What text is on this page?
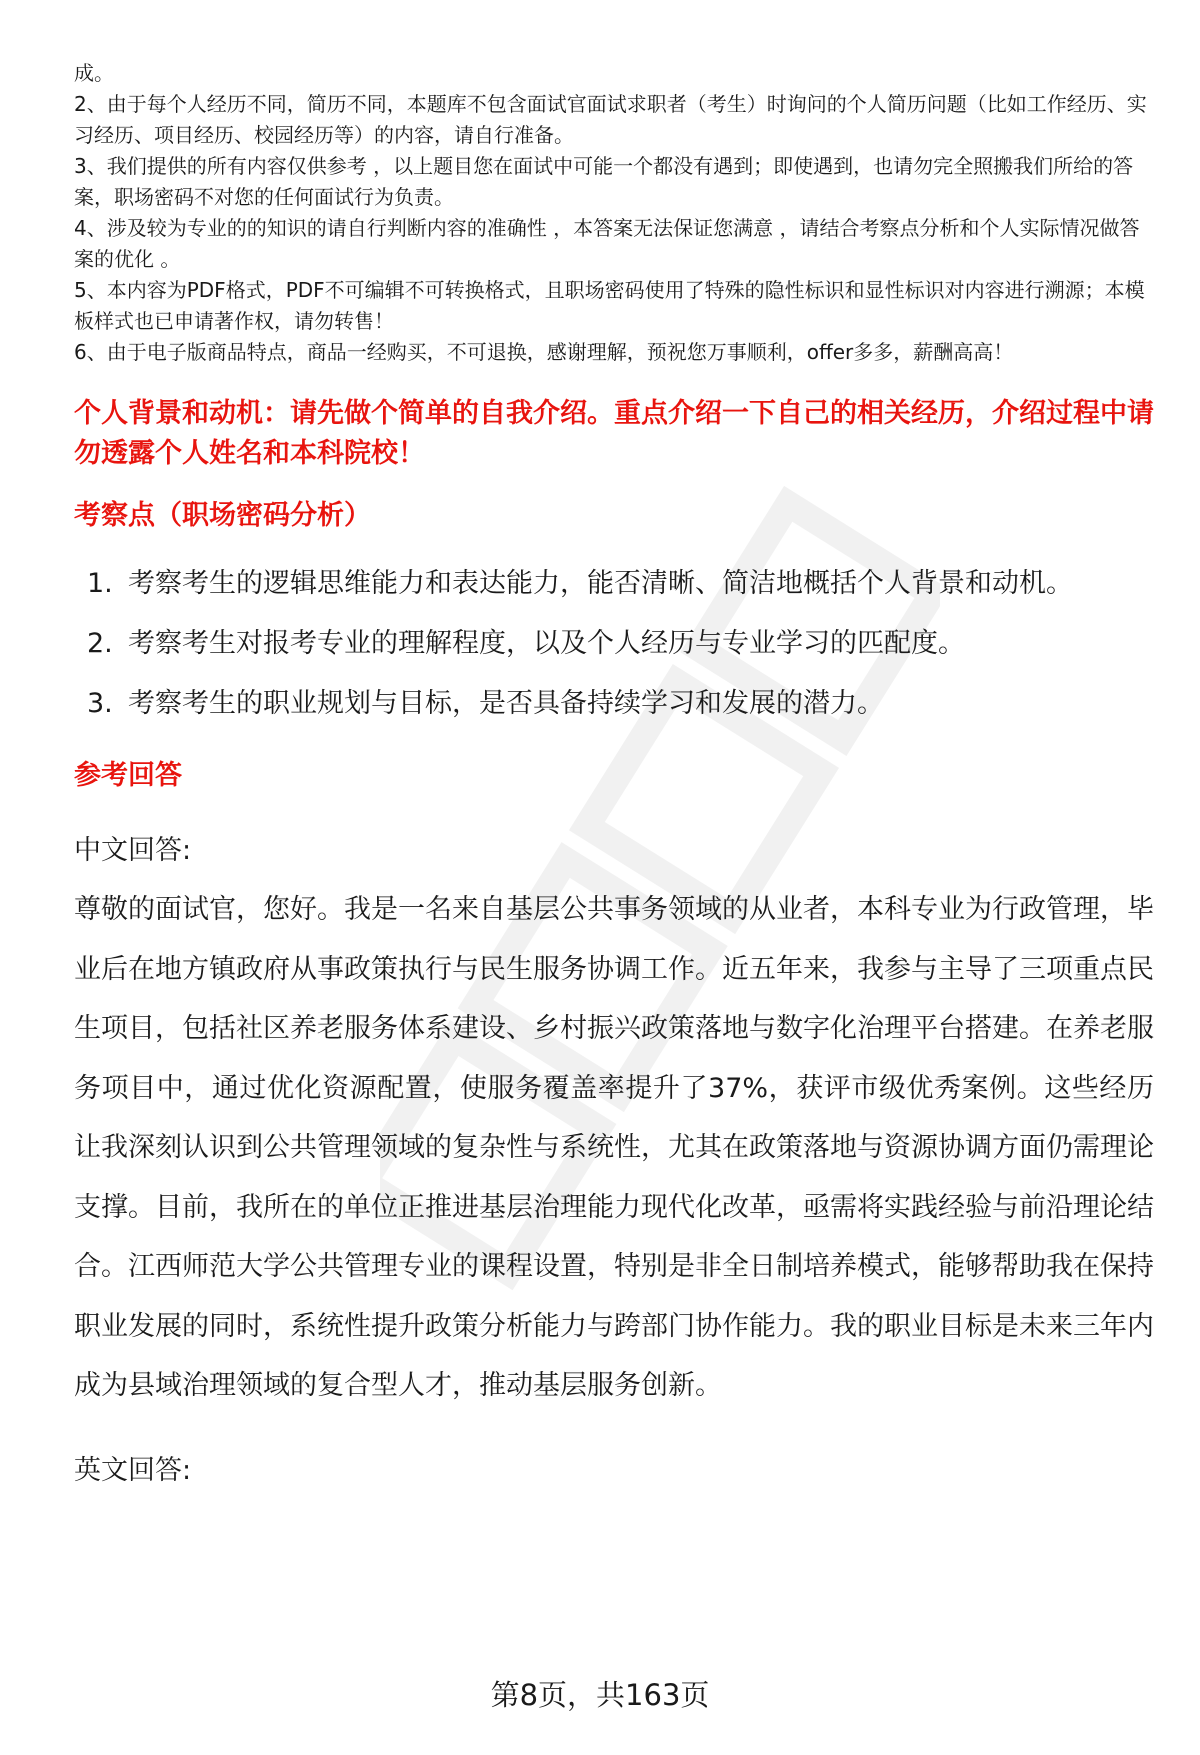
成。

2、由于每个人经历不同，简历不同，本题库不包含面试官面试求职者（考生）时询问的个人简历问题（比如工作经历、实习经历、项目经历、校园经历等）的内容，请自行准备。

3、我们提供的所有内容仅供参考 ，以上题目您在面试中可能一个都没有遇到；即使遇到，也请勿完全照搬我们所给的答案，职场密码不对您的任何面试行为负责。

4、涉及较为专业的的知识的请自行判断内容的准确性 ，本答案无法保证您满意 ，请结合考察点分析和个人实际情况做答案的优化 。

5、本内容为PDF格式，PDF不可编辑不可转换格式，且职场密码使用了特殊的隐性标识和显性标识对内容进行溯源；本模板样式也已申请著作权，请勿转售！

6、由于电子版商品特点，商品一经购买，不可退换，感谢理解，预祝您万事顺利，offer多多，薪酬高高！

个人背景和动机：请先做个简单的自我介绍。重点介绍一下自己的相关经历，介绍过程中请勿透露个人姓名和本科院校！
考察点（职场密码分析）
1. 考察考生的逻辑思维能力和表达能力，能否清晰、简洁地概括个人背景和动机。
2. 考察考生对报考专业的理解程度，以及个人经历与专业学习的匹配度。
3. 考察考生的职业规划与目标，是否具备持续学习和发展的潜力。
参考回答
中文回答:

尊敬的面试官，您好。我是一名来自基层公共事务领域的从业者，本科专业为行政管理，毕业后在地方镇政府从事政策执行与民生服务协调工作。近五年来，我参与主导了三项重点民生项目，包括社区养老服务体系建设、乡村振兴政策落地与数字化治理平台搭建。在养老服务项目中，通过优化资源配置，使服务覆盖率提升了37%，获评市级优秀案例。这些经历让我深刻认识到公共管理领域的复杂性与系统性，尤其在政策落地与资源协调方面仍需理论支撑。目前，我所在的单位正推进基层治理能力现代化改革，亟需将实践经验与前沿理论结合。江西师范大学公共管理专业的课程设置，特别是非全日制培养模式，能够帮助我在保持职业发展的同时，系统性提升政策分析能力与跨部门协作能力。我的职业目标是未来三年内成为县域治理领域的复合型人才，推动基层服务创新。

英文回答:
第8页，共163页
